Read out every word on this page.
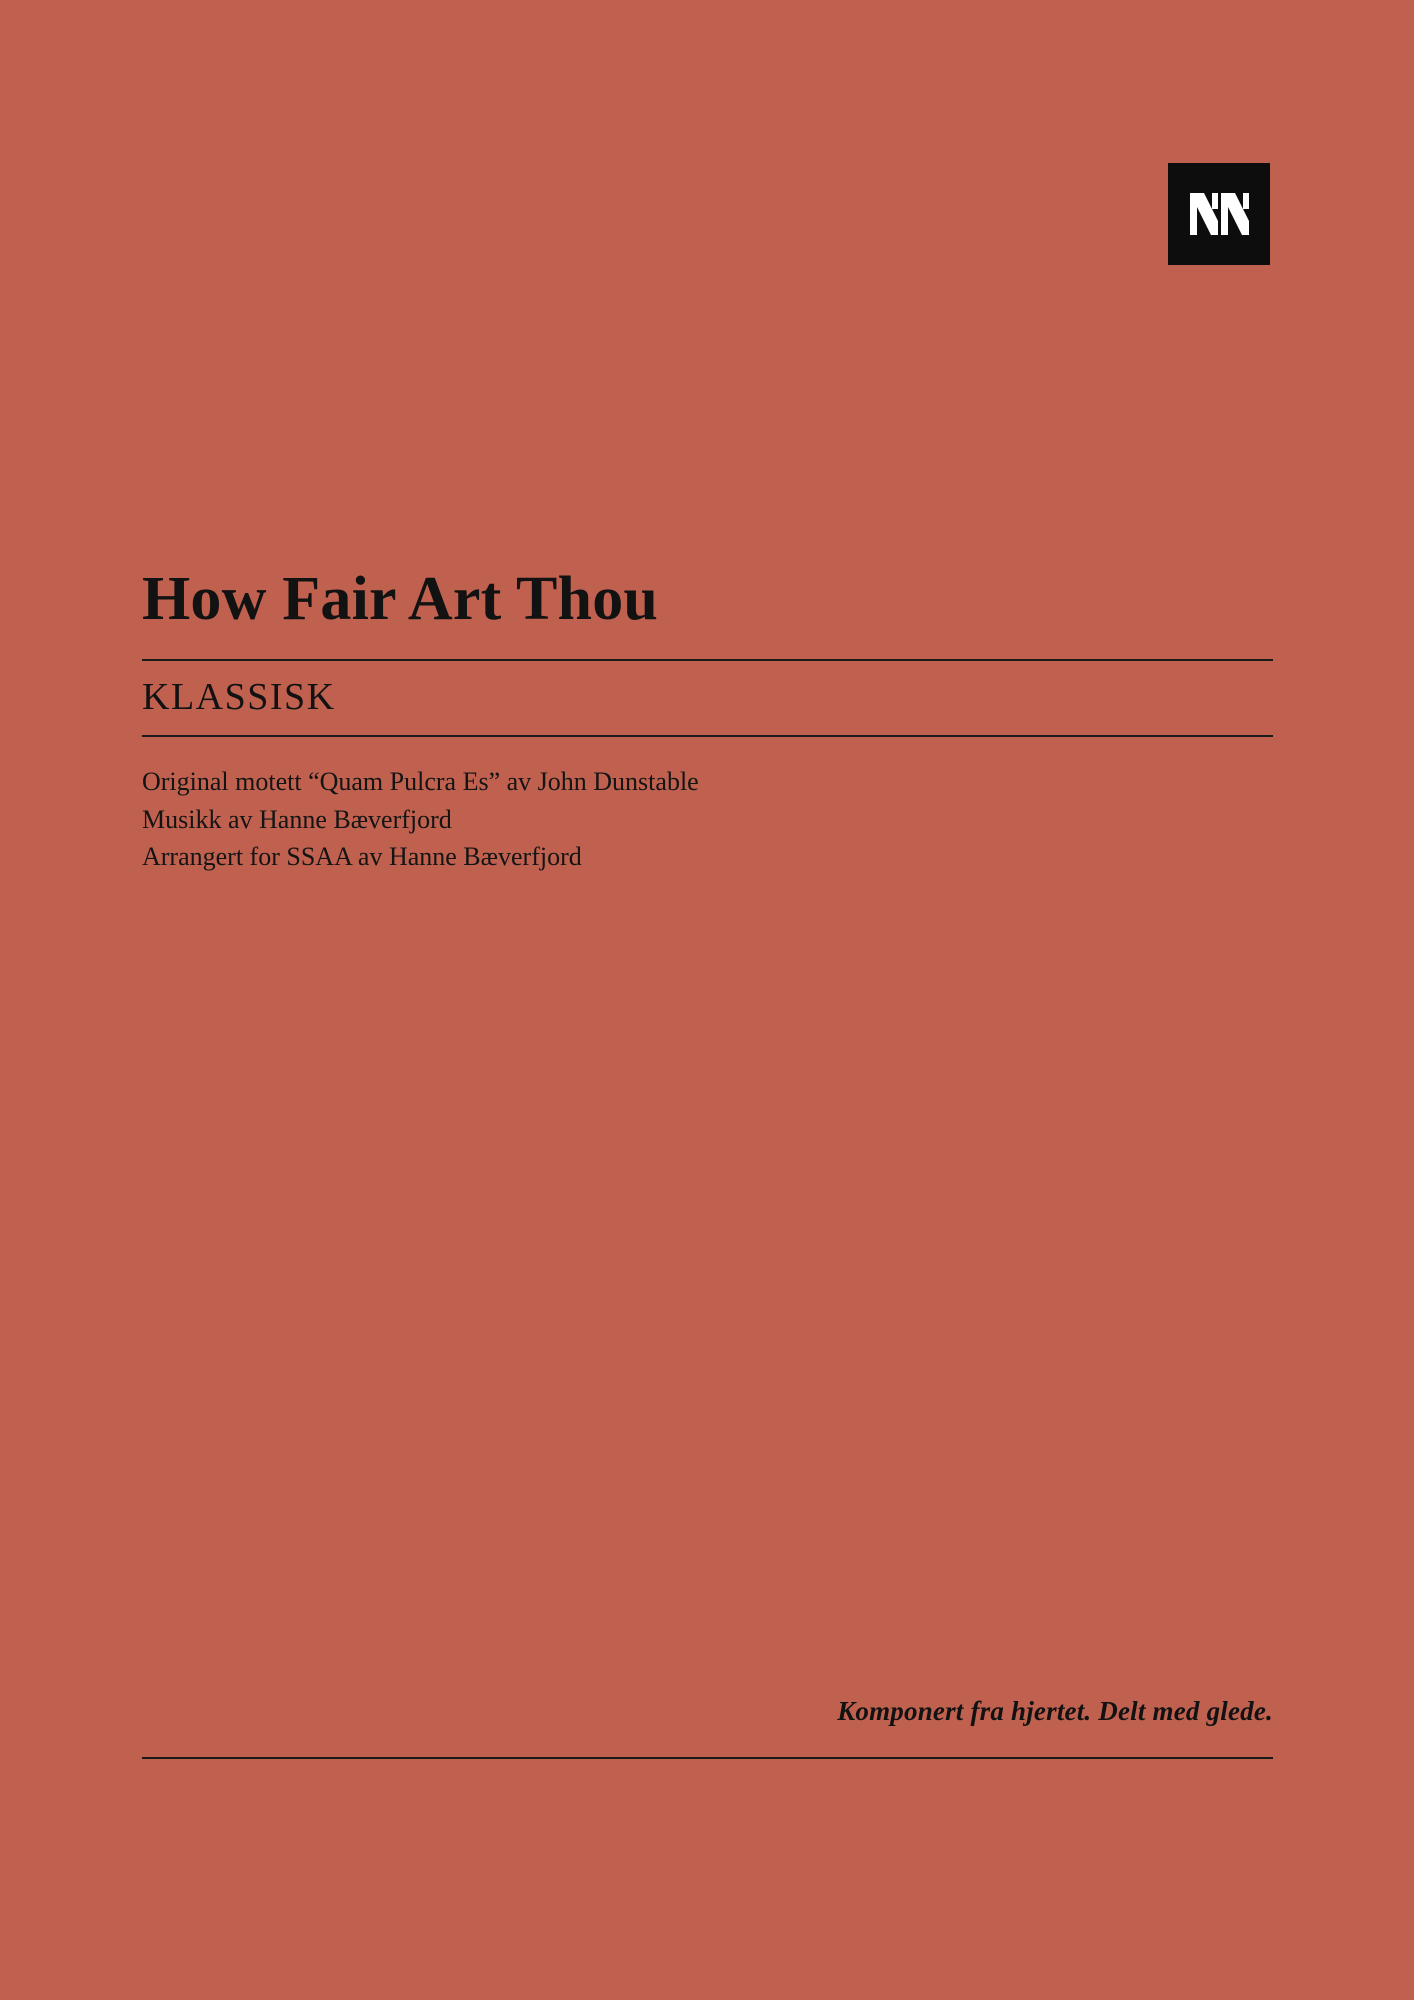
How Fair Art Thou
KLASSISK
Original motett “Quam Pulcra Es” av John Dunstable
Musikk av Hanne Bæverfjord
Arrangert for SSAA av Hanne Bæverfjord
Komponert fra hjertet. Delt med glede.
